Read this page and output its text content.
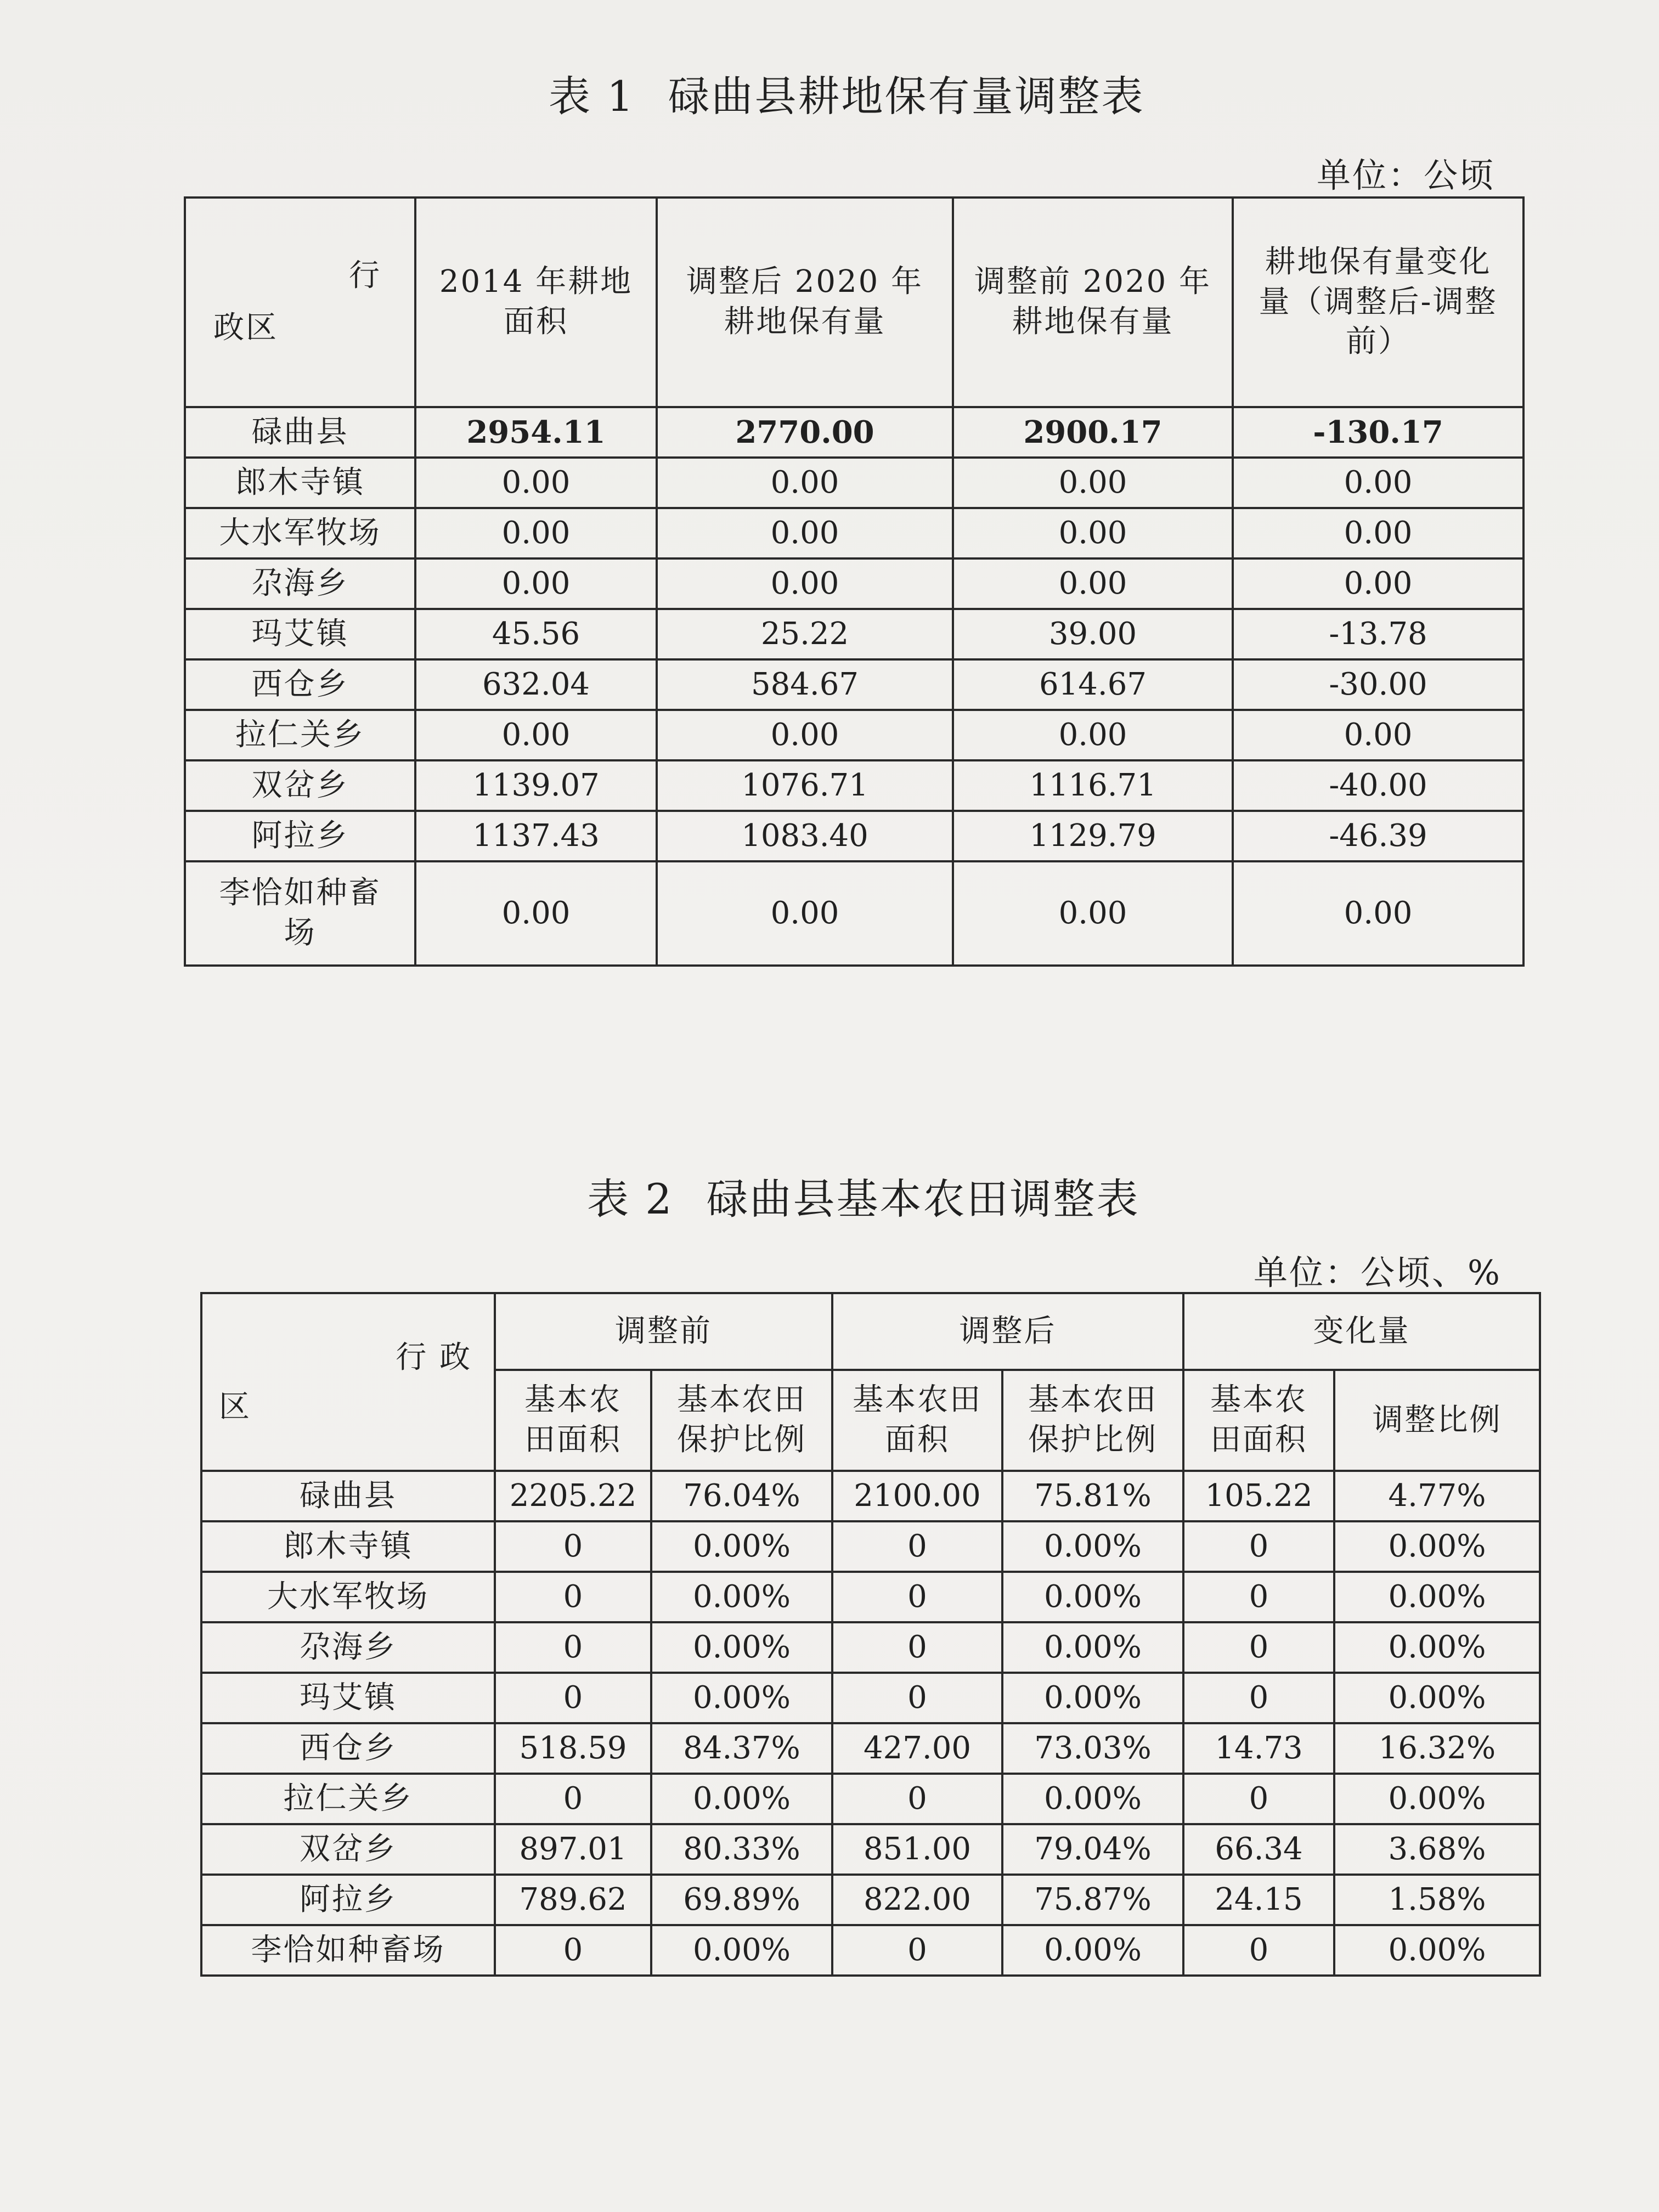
表 1 碌曲县耕地保有量调整表
单位：公顷
行
政区	2014 年耕地面积	调整后 2020 年耕地保有量	调整前 2020 年耕地保有量	耕地保有量变化量（调整后-调整前）
碌曲县	2954.11	2770.00	2900.17	-130.17
郎木寺镇	0.00	0.00	0.00	0.00
大水军牧场	0.00	0.00	0.00	0.00
尕海乡	0.00	0.00	0.00	0.00
玛艾镇	45.56	25.22	39.00	-13.78
西仓乡	632.04	584.67	614.67	-30.00
拉仁关乡	0.00	0.00	0.00	0.00
双岔乡	1139.07	1076.71	1116.71	-40.00
阿拉乡	1137.43	1083.40	1129.79	-46.39
李恰如种畜场	0.00	0.00	0.00	0.00
表 2 碌曲县基本农田调整表
单位：公顷、%
行 政
区	调整前		调整后		变化量	
	基本农田面积	基本农田保护比例	基本农田面积	基本农田保护比例	基本农田面积	调整比例
碌曲县	2205.22	76.04%	2100.00	75.81%	105.22	4.77%
郎木寺镇	0	0.00%	0	0.00%	0	0.00%
大水军牧场	0	0.00%	0	0.00%	0	0.00%
尕海乡	0	0.00%	0	0.00%	0	0.00%
玛艾镇	0	0.00%	0	0.00%	0	0.00%
西仓乡	518.59	84.37%	427.00	73.03%	14.73	16.32%
拉仁关乡	0	0.00%	0	0.00%	0	0.00%
双岔乡	897.01	80.33%	851.00	79.04%	66.34	3.68%
阿拉乡	789.62	69.89%	822.00	75.87%	24.15	1.58%
李恰如种畜场	0	0.00%	0	0.00%	0	0.00%
